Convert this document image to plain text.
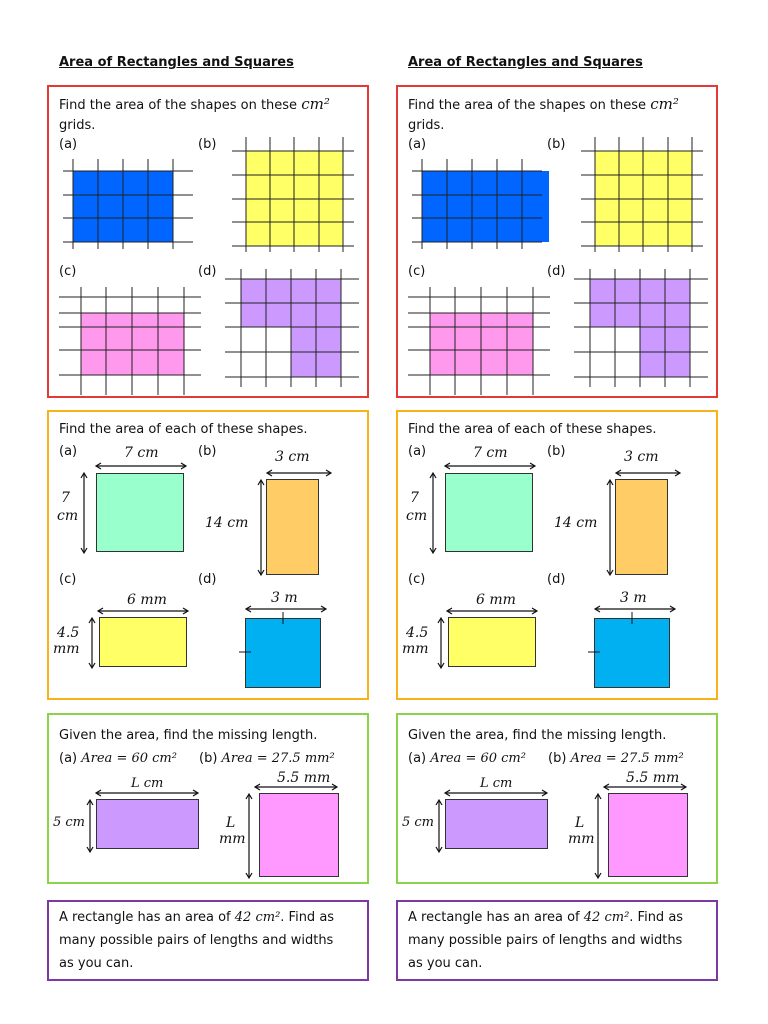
Area of Rectangles and Squares
Find the area of the shapes on these cm²
grids.
(a)	(b)
(c)	(d)
Find the area of each of these shapes.
(a)	(b)
(c)	(d)
7 cm
7
cm
3 cm
14 cm
6 mm
4.5
mm
3 m
Given the area, find the missing length.
(a) Area = 60 cm² (b) Area = 27.5 mm²
L cm
5 cm
5.5 mm
L
mm
A rectangle has an area of 42 cm². Find as
many possible pairs of lengths and widths
as you can.
Area of Rectangles and Squares
Find the area of the shapes on these cm²
grids.
(a)	(b)
(c)	(d)
Find the area of each of these shapes.
(a)	(b)
(c)	(d)
7 cm
7
cm
3 cm
14 cm
6 mm
4.5
mm
3 m
Given the area, find the missing length.
(a) Area = 60 cm² (b) Area = 27.5 mm²
L cm
5 cm
5.5 mm
L
mm
A rectangle has an area of 42 cm². Find as
many possible pairs of lengths and widths
as you can.
